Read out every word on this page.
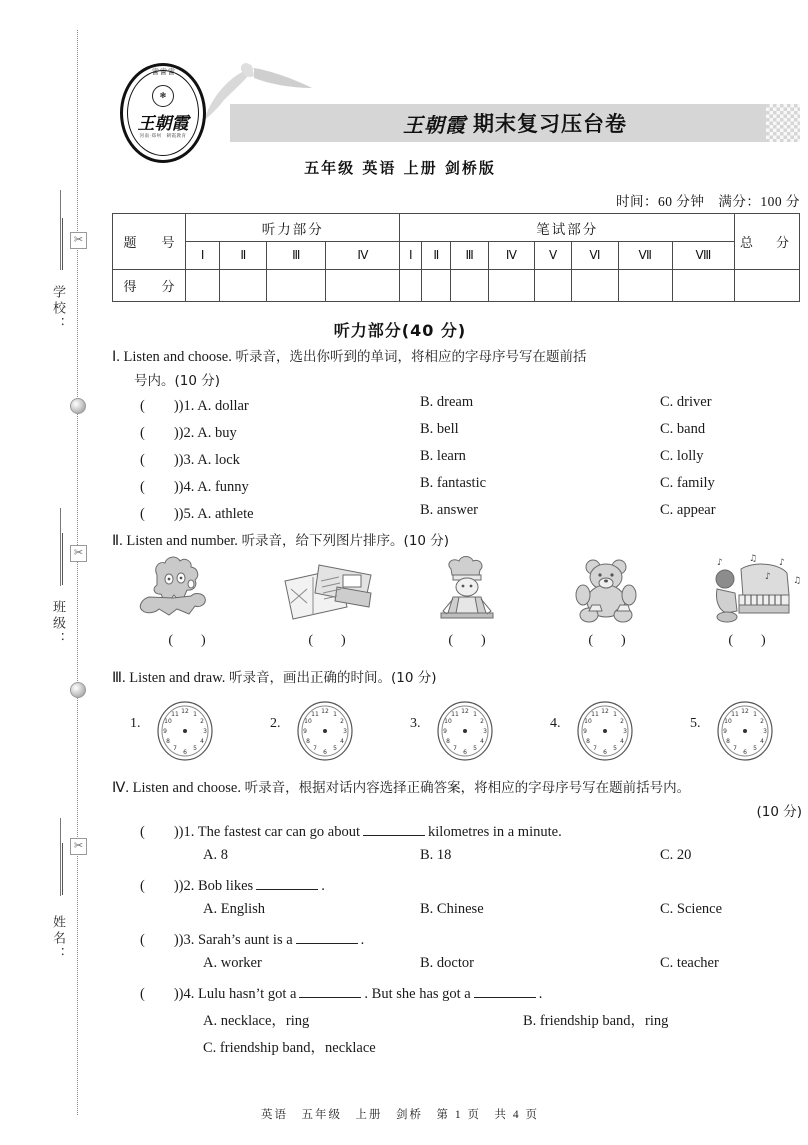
学校：
班级：
姓名：
✂
✂
✂
♕♕♕
❃
王朝霞
河南·郑州　朝霞教育	王朝霞 期末复习压台卷
五年级 英语 上册 剑桥版
时间：60 分钟　满分：100 分
题　号	听力部分				笔试部分								总　分
	Ⅰ	Ⅱ	Ⅲ	Ⅳ	Ⅰ	Ⅱ	Ⅲ	Ⅳ	Ⅴ	Ⅵ	Ⅶ	Ⅷ	
得　分													
听力部分(40 分)
Ⅰ. Listen and choose. 听录音，选出你听到的单词，将相应的字母序号写在题前括
号内。(10 分)
(　　))1. A. dollar	B. dream	C. driver
(　　))2. A. buy	B. bell	C. band
(　　))3. A. lock	B. learn	C. lolly
(　　))4. A. funny	B. fantastic	C. family
(　　))5. A. athlete	B. answer	C. appear
Ⅱ. Listen and number. 听录音，给下列图片排序。(10 分)
♪	♫ ♪
♪ ♫
(　　)	(　　)	(　　)	(　　)	(　　)
Ⅲ. Listen and draw. 听录音，画出正确的时间。(10 分)
1.
12 1
2
3
4
5
6
7
8
9
10
11
2.
12 1
2
3
4
5
6
7
8
9
10
11
3.
12 1
2
3
4
5
6
7
8
9
10
11
4.
12 1
2
3
4
5
6
7
8
9
10
11
5.
12 1
2
3
4
5
6
7
8
9
10
11
Ⅳ. Listen and choose. 听录音，根据对话内容选择正确答案，将相应的字母序号写在题前括号内。
(10 分)
(　　))1. The fastest car can go about	kilometres in a minute.
A. 8	B. 18	C. 20
(　　))2. Bob likes	.
A. English	B. Chinese	C. Science
(　　))3. Sarah’s aunt is a	.
A. worker	B. doctor	C. teacher
(　　))4. Lulu hasn’t got a	. But she has got a	.
A. necklace，ring	B. friendship band，ring
C. friendship band，necklace
英语　五年级　上册　剑桥　第 1 页　共 4 页
